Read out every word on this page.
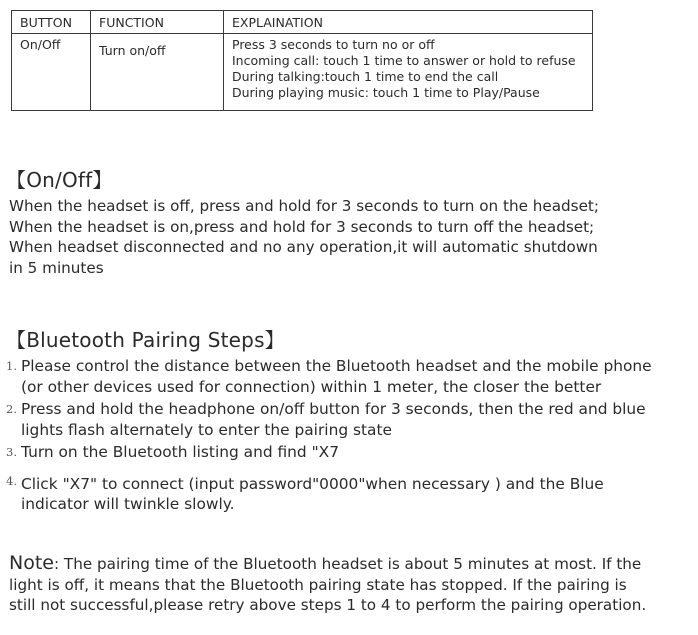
BUTTON	FUNCTION	EXPLAINATION
On/Off	Turn on/off	Press 3 seconds to turn no or off
Incoming call: touch 1 time to answer or hold to refuse
During talking:touch 1 time to end the call
During playing music: touch 1 time to Play/Pause
【On/Off】
When the headset is off, press and hold for 3 seconds to turn on the headset;
When the headset is on,press and hold for 3 seconds to turn off the headset;
When headset disconnected and no any operation,it will automatic shutdown
in 5 minutes
【Bluetooth Pairing Steps】
1. Please control the distance between the Bluetooth headset and the mobile phone
(or other devices used for connection) within 1 meter, the closer the better
2. Press and hold the headphone on/off button for 3 seconds, then the red and blue
lights flash alternately to enter the pairing state
3. Turn on the Bluetooth listing and find "X7
4. Click "X7" to connect (input password"0000"when necessary ) and the Blue
indicator will twinkle slowly.
Note: The pairing time of the Bluetooth headset is about 5 minutes at most. If the
light is off, it means that the Bluetooth pairing state has stopped. If the pairing is
still not successful,please retry above steps 1 to 4 to perform the pairing operation.
